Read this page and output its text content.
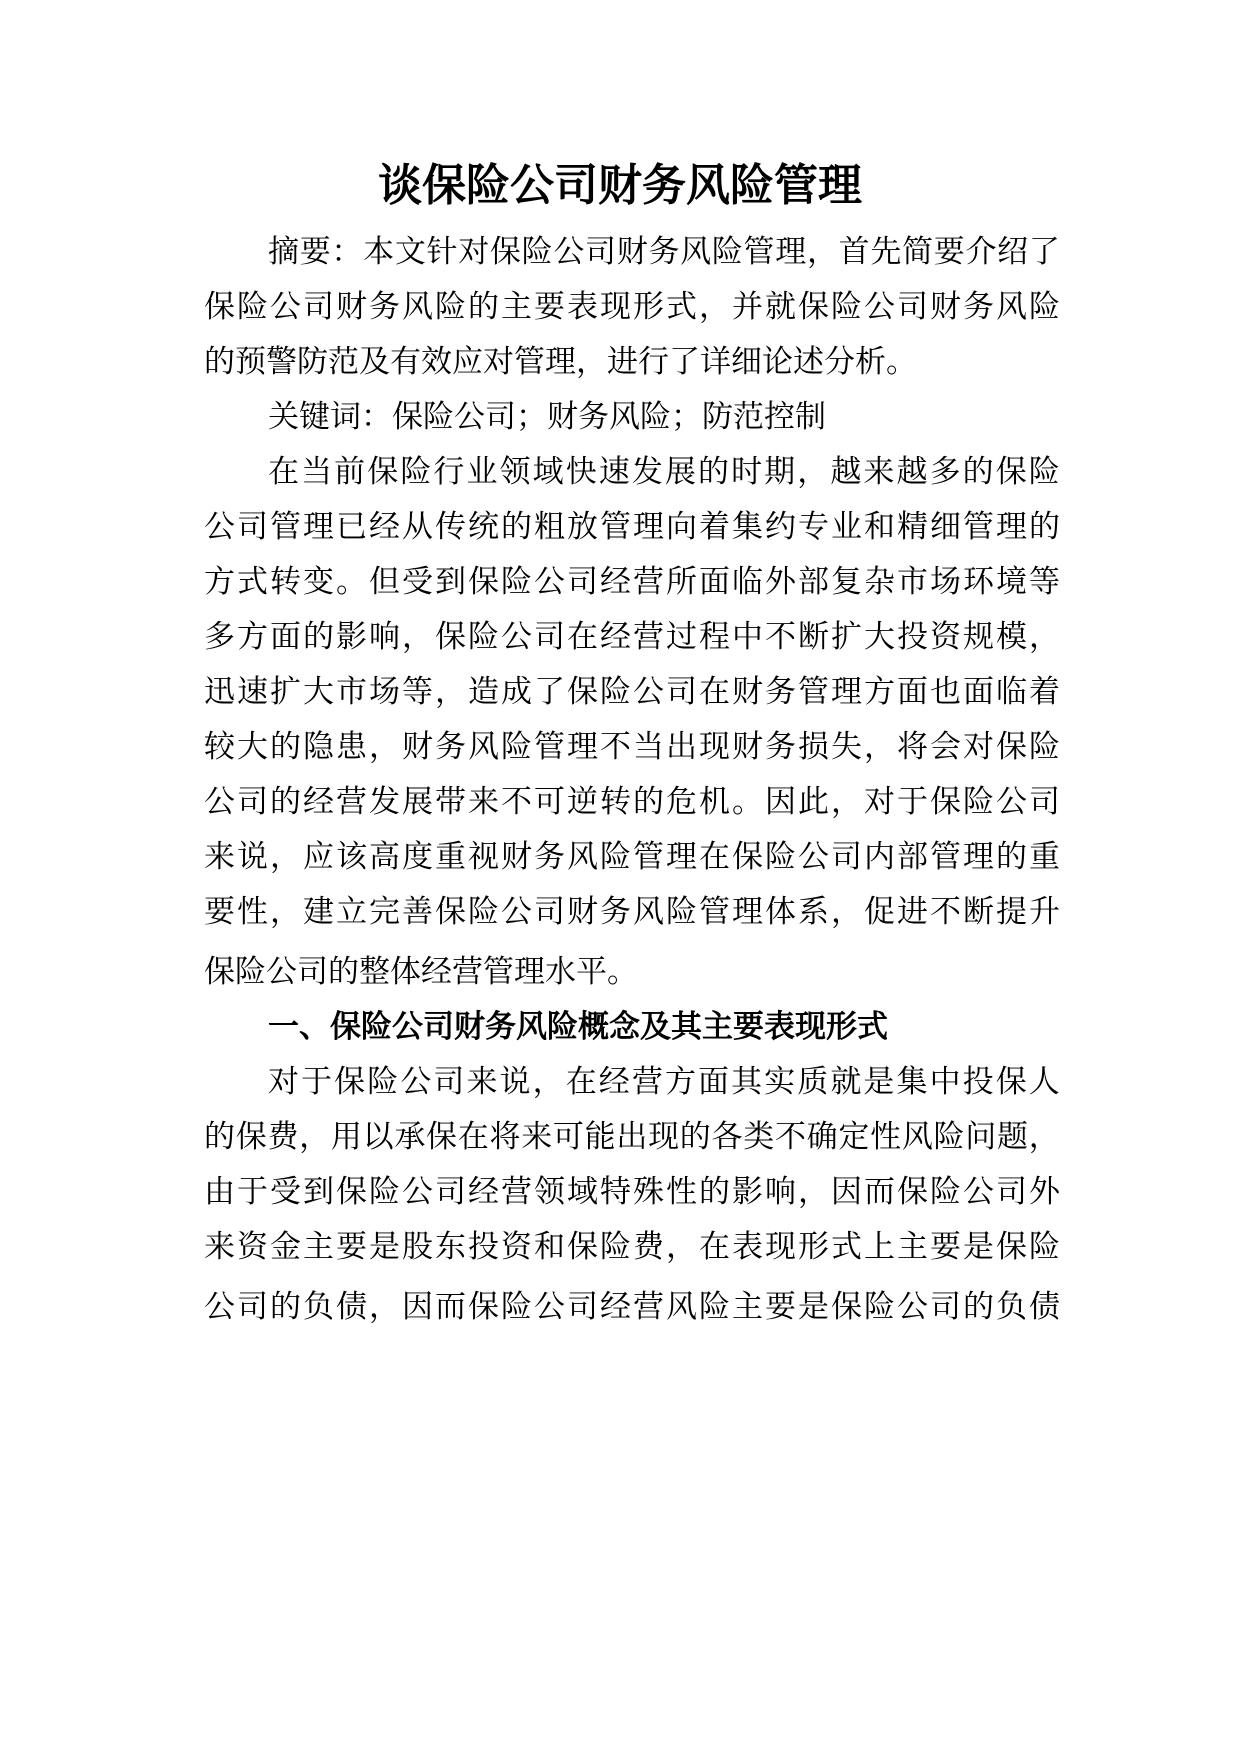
谈保险公司财务风险管理
摘 要 ： 本 文 针 对 保 险 公 司 财 务 风 险 管 理 ， 首 先 简 要 介 绍 了
保 险 公 司 财 务 风 险 的 主 要 表 现 形 式 ， 并 就 保 险 公 司 财 务 风 险
的预警防范及有效应对管理，进行了详细论述分析。
关键词：保险公司；财务风险；防范控制
在 当 前 保 险 行 业 领 域 快 速 发 展 的 时 期 ， 越 来 越 多 的 保 险
公 司 管 理 已 经 从 传 统 的 粗 放 管 理 向 着 集 约 专 业 和 精 细 管 理 的
方 式 转 变 。 但 受 到 保 险 公 司 经 营 所 面 临 外 部 复 杂 市 场 环 境 等
多 方 面 的 影 响 ， 保 险 公 司 在 经 营 过 程 中 不 断 扩 大 投 资 规 模 ，
迅 速 扩 大 市 场 等 ， 造 成 了 保 险 公 司 在 财 务 管 理 方 面 也 面 临 着
较 大 的 隐 患 ， 财 务 风 险 管 理 不 当 出 现 财 务 损 失 ， 将 会 对 保 险
公 司 的 经 营 发 展 带 来 不 可 逆 转 的 危 机 。 因 此 ， 对 于 保 险 公 司
来 说 ， 应 该 高 度 重 视 财 务 风 险 管 理 在 保 险 公 司 内 部 管 理 的 重
要 性 ， 建 立 完 善 保 险 公 司 财 务 风 险 管 理 体 系 ， 促 进 不 断 提 升
保险公司的整体经营管理水平。
一、保险公司财务风险概念及其主要表现形式
对 于 保 险 公 司 来 说 ， 在 经 营 方 面 其 实 质 就 是 集 中 投 保 人
的 保 费 ， 用 以 承 保 在 将 来 可 能 出 现 的 各 类 不 确 定 性 风 险 问 题 ，
由 于 受 到 保 险 公 司 经 营 领 域 特 殊 性 的 影 响 ， 因 而 保 险 公 司 外
来 资 金 主 要 是 股 东 投 资 和 保 险 费 ， 在 表 现 形 式 上 主 要 是 保 险
公 司 的 负 债 ， 因 而 保 险 公 司 经 营 风 险 主 要 是 保 险 公 司 的 负 债
